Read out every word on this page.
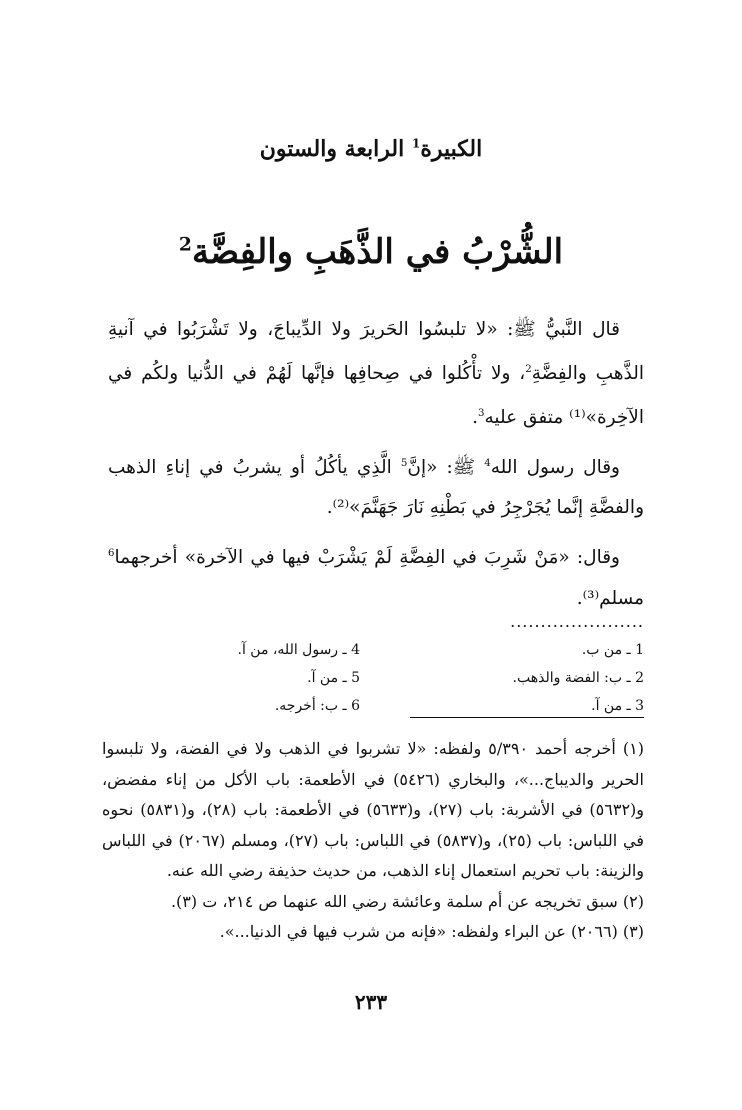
الكبيرة$^1$ الرابعة والستون
الشُّرْبُ في الذَّهَبِ والفِضَّة$^2$

قال النَّبيُّ ﷺ: «لا تلبسُوا الحَريرَ ولا الدِّيباجَ، ولا تَشْرَبُوا في آنيةِ الذَّهبِ والفِضَّةِ$^2$، ولا تأْكُلوا في صِحافِها فإنَّها لَهُمْ في الدُّنيا ولكُم في الآخِرة»⁽¹⁾ متفق عليه$^3$.

وقال رسول الله$^4$ ﷺ: «إنَّ$^5$ الَّذِي يأكُلُ أو يشربُ في إناءِ الذهب والفضَّةِ إنَّما يُجَرْجِرُ في بَطْنِهِ نَارَ جَهَنَّمَ»⁽²⁾.

وقال: «مَنْ شَرِبَ في الفِضَّةِ لَمْ يَشْرَبْ فيها في الآخرة» أخرجهما$^6$ مسلم⁽³⁾.

......................
1 ـ من ب.
2 ـ ب: الفضة والذهب.
3 ـ من آ.
4 ـ رسول الله، من آ.
5 ـ من آ.
6 ـ ب: أخرجه.

(١) أخرجه أحمد ٥/٣٩٠ ولفظه: «لا تشربوا في الذهب ولا في الفضة، ولا تلبسوا الحرير والديباج...»، والبخاري (٥٤٢٦) في الأطعمة: باب الأكل من إناء مفضض، و(٥٦٣٢) في الأشربة: باب (٢٧)، و(٥٦٣٣) في الأطعمة: باب (٢٨)، و(٥٨٣١) نحوه في اللباس: باب (٢٥)، و(٥٨٣٧) في اللباس: باب (٢٧)، ومسلم (٢٠٦٧) في اللباس والزينة: باب تحريم استعمال إناء الذهب، من حديث حذيفة رضي الله عنه.

(٢) سبق تخريجه عن أم سلمة وعائشة رضي الله عنهما ص ٢١٤، ت (٣).

(٣) (٢٠٦٦) عن البراء ولفظه: «فإنه من شرب فيها في الدنيا...».

٢٣٣
